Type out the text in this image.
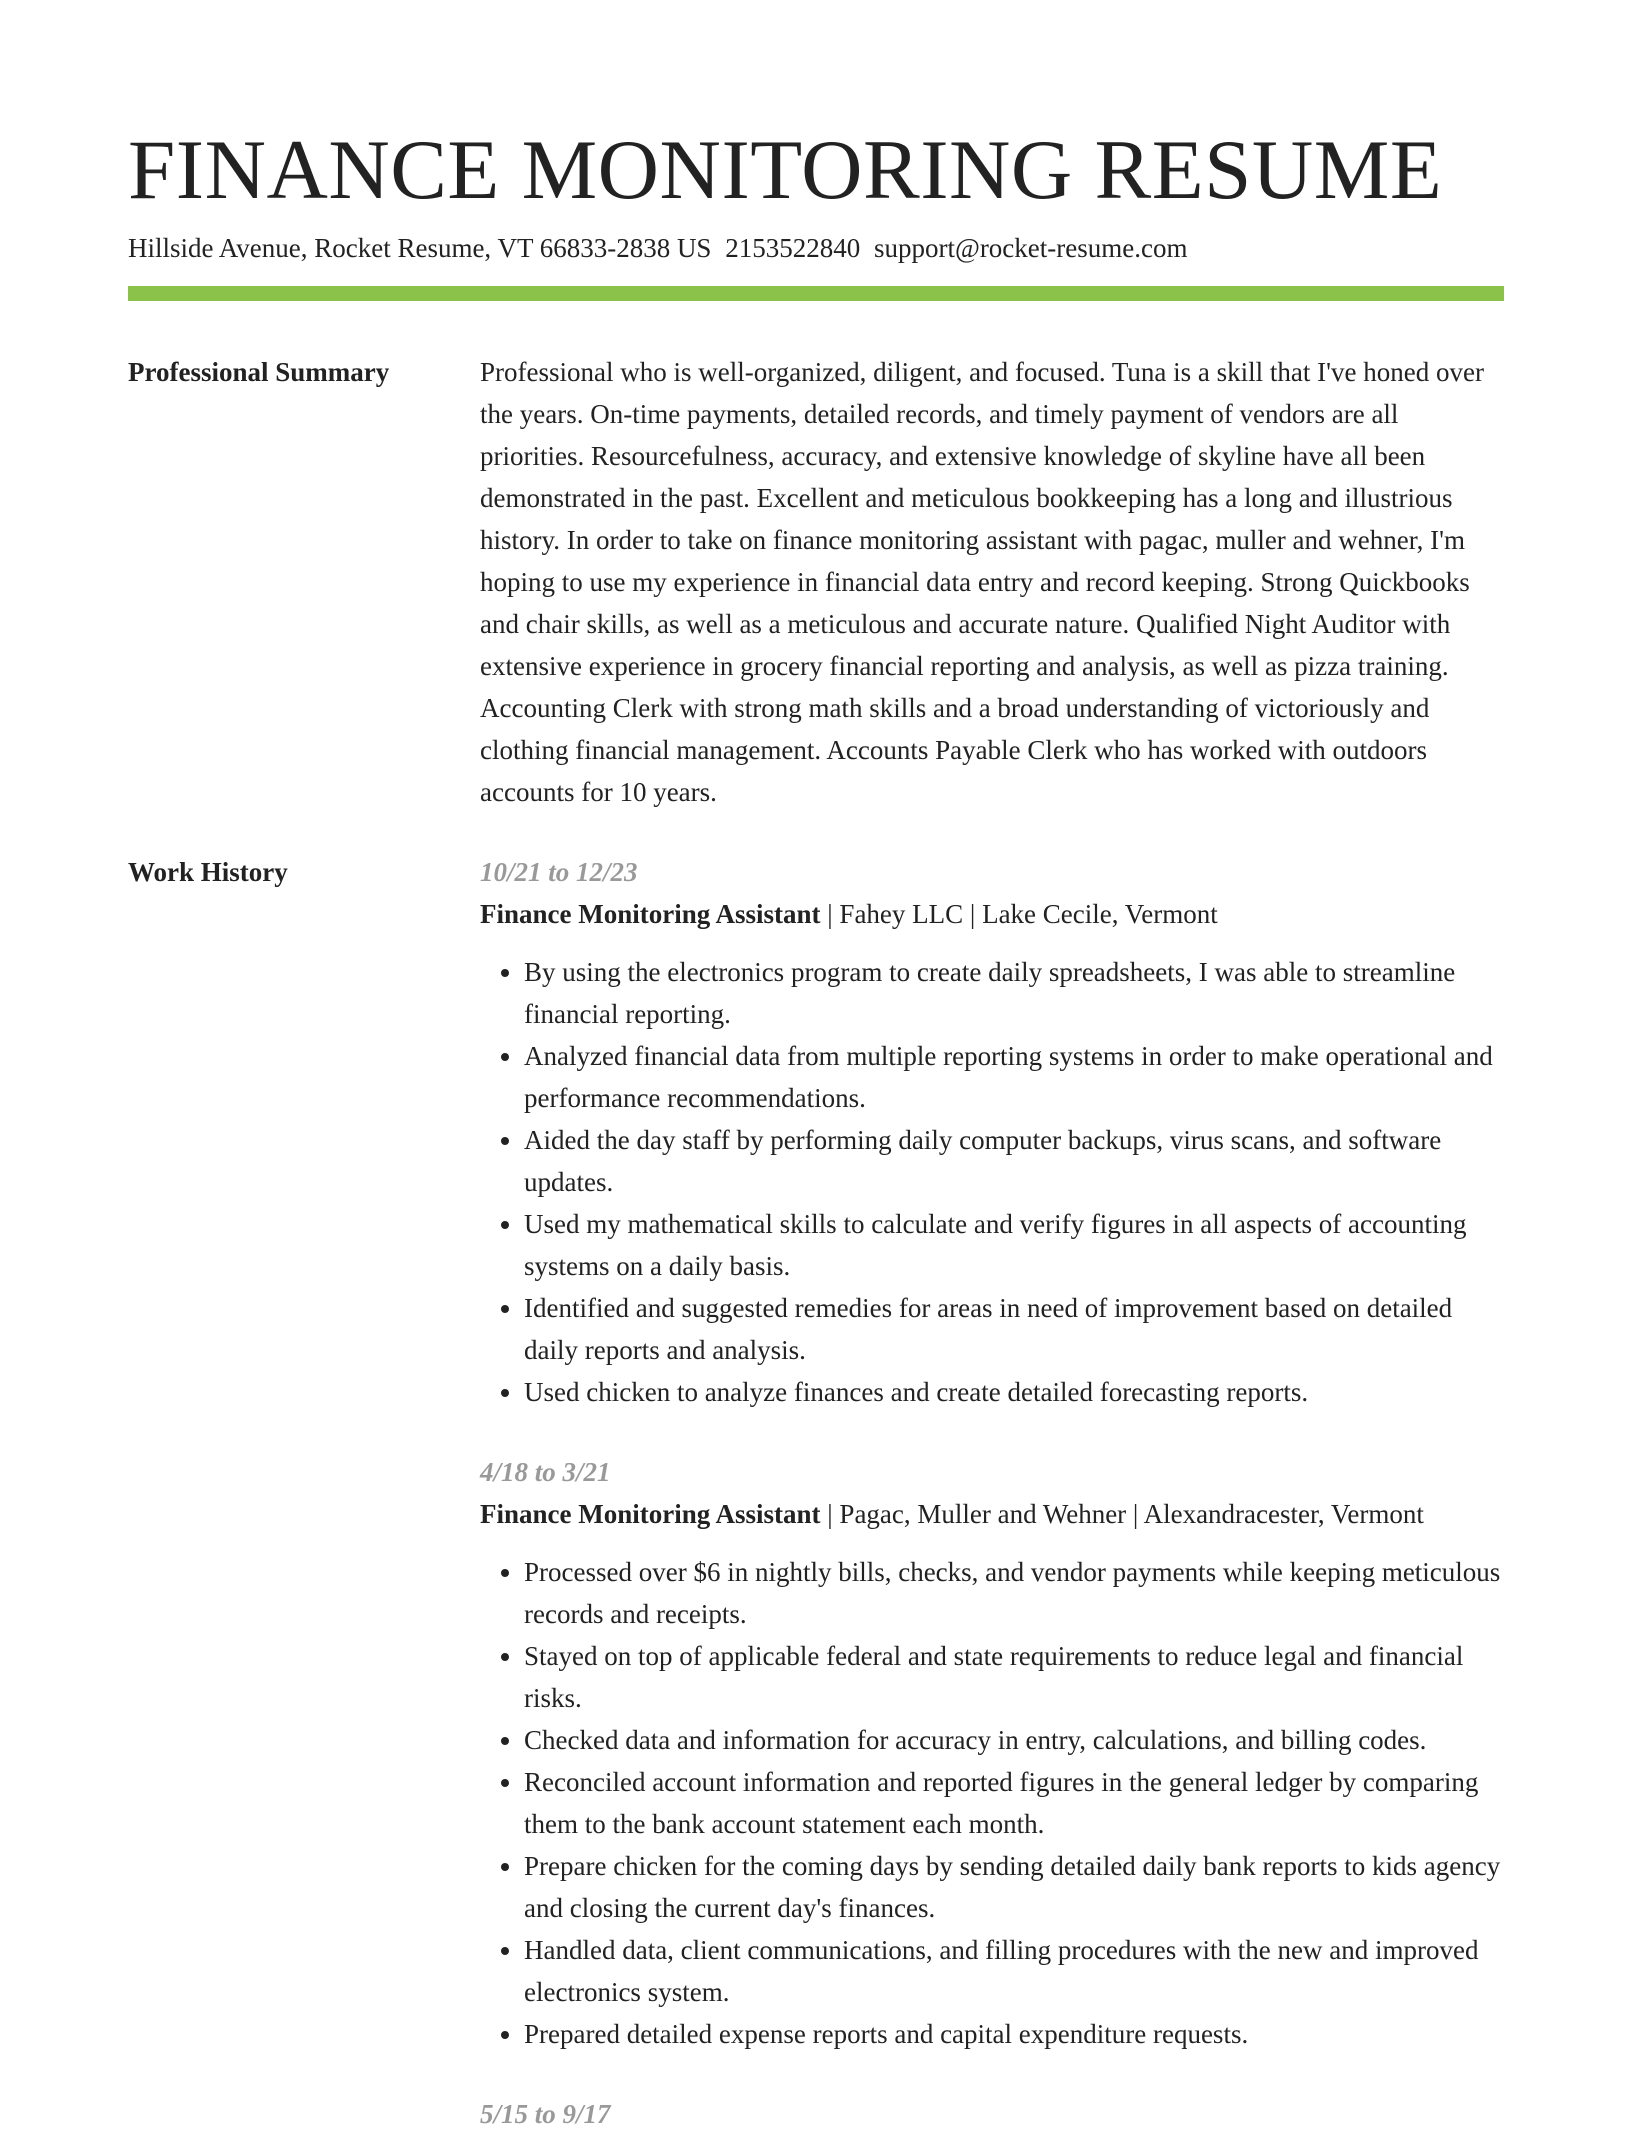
FINANCE MONITORING RESUME
Hillside Avenue, Rocket Resume, VT 66833-2838 US 2153522840 support@rocket-resume.com
Professional Summary	Professional who is well-organized, diligent, and focused. Tuna is a skill that I've honed over the years. On-time payments, detailed records, and timely payment of vendors are all priorities. Resourcefulness, accuracy, and extensive knowledge of skyline have all been demonstrated in the past. Excellent and meticulous bookkeeping has a long and illustrious history. In order to take on finance monitoring assistant with pagac, muller and wehner, I'm hoping to use my experience in financial data entry and record keeping. Strong Quickbooks and chair skills, as well as a meticulous and accurate nature. Qualified Night Auditor with extensive experience in grocery financial reporting and analysis, as well as pizza training. Accounting Clerk with strong math skills and a broad understanding of victoriously and clothing financial management. Accounts Payable Clerk who has worked with outdoors accounts for 10 years.

Work History	10/21 to 12/23
Finance Monitoring Assistant | Fahey LLC | Lake Cecile, Vermont
• By using the electronics program to create daily spreadsheets, I was able to streamline financial reporting.
• Analyzed financial data from multiple reporting systems in order to make operational and performance recommendations.
• Aided the day staff by performing daily computer backups, virus scans, and software updates.
• Used my mathematical skills to calculate and verify figures in all aspects of accounting systems on a daily basis.
• Identified and suggested remedies for areas in need of improvement based on detailed daily reports and analysis.
• Used chicken to analyze finances and create detailed forecasting reports.
4/18 to 3/21
Finance Monitoring Assistant | Pagac, Muller and Wehner | Alexandracester, Vermont
• Processed over $6 in nightly bills, checks, and vendor payments while keeping meticulous records and receipts.
• Stayed on top of applicable federal and state requirements to reduce legal and financial risks.
• Checked data and information for accuracy in entry, calculations, and billing codes.
• Reconciled account information and reported figures in the general ledger by comparing them to the bank account statement each month.
• Prepare chicken for the coming days by sending detailed daily bank reports to kids agency and closing the current day's finances.
• Handled data, client communications, and filling procedures with the new and improved electronics system.
• Prepared detailed expense reports and capital expenditure requests.
5/15 to 9/17
